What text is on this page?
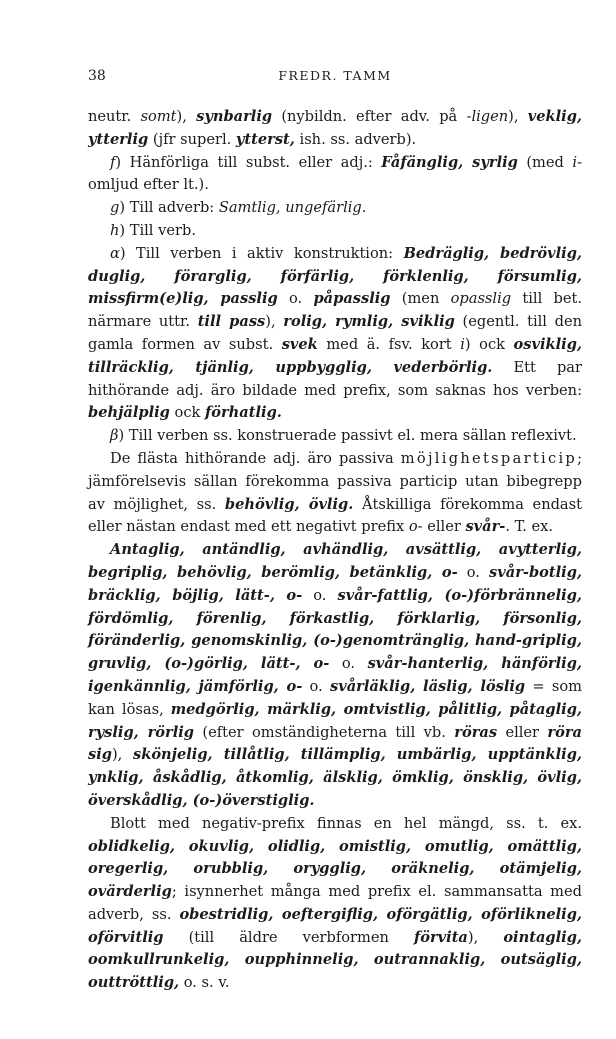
38	FREDR. TAMM

neutr. somt), synbarlig (nybildn. efter adv. på -ligen), veklig, ytterlig (jfr superl. ytterst, ish. ss. adverb).

f) Hänförliga till subst. eller adj.: Fåfänglig, syrlig (med i-omljud efter lt.).

g) Till adverb: Samtlig, ungefärlig.

h) Till verb.

α) Till verben i aktiv konstruktion: Bedräglig, bedrövlig, duglig, förarglig, förfärlig, förklenlig, försumlig, missfirm(e)lig, passlig o. påpasslig (men opasslig till bet. närmare uttr. till pass), rolig, rymlig, sviklig (egentl. till den gamla formen av subst. svek med ä. fsv. kort i) ock osviklig, tillräcklig, tjänlig, uppbygglig, vederbörlig. Ett par hithörande adj. äro bildade med prefix, som saknas hos verben: behjälplig ock förhatlig.

β) Till verben ss. konstruerade passivt el. mera sällan reflexivt.

De flästa hithörande adj. äro passiva möjlighetsparticip; jämförelsevis sällan förekomma passiva particip utan bibegrepp av möjlighet, ss. behövlig, övlig. Åtskilliga förekomma endast eller nästan endast med ett negativt prefix o- eller svår-. T. ex.

Antaglig, antändlig, avhändlig, avsättlig, avytterlig, begriplig, behövlig, berömlig, betänklig, o- o. svår-botlig, bräcklig, böjlig, lätt-, o- o. svår-fattlig, (o-)förbrännelig, fördömlig, förenlig, förkastlig, förklarlig, försonlig, föränderlig, genomskinlig, (o-)genomtränglig, hand-griplig, gruvlig, (o-)görlig, lätt-, o- o. svår-hanterlig, hänförlig, igenkännlig, jämförlig, o- o. svårläklig, läslig, löslig = som kan lösas, medgörlig, märklig, omtvistlig, pålitlig, påtaglig, ryslig, rörlig (efter omständigheterna till vb. röras eller röra sig), skönjelig, tillåtlig, tillämplig, umbärlig, upptänklig, ynklig, åskådlig, åtkomlig, älsklig, ömklig, önsklig, övlig, överskådlig, (o-)överstiglig.

Blott med negativ-prefix finnas en hel mängd, ss. t. ex. oblidkelig, okuvlig, olidlig, omistlig, omutlig, omättlig, oregerlig, orubblig, orygglig, oräknelig, otämjelig, ovärderlig; isynnerhet många med prefix el. sammansatta med adverb, ss. obestridlig, oeftergiflig, oförgätlig, oförliknelig, oförvitlig (till äldre verbformen förvita), ointaglig, oomkullrunkelig, oupphinnelig, outrannaklig, outsäglig, outtröttlig, o. s. v.
